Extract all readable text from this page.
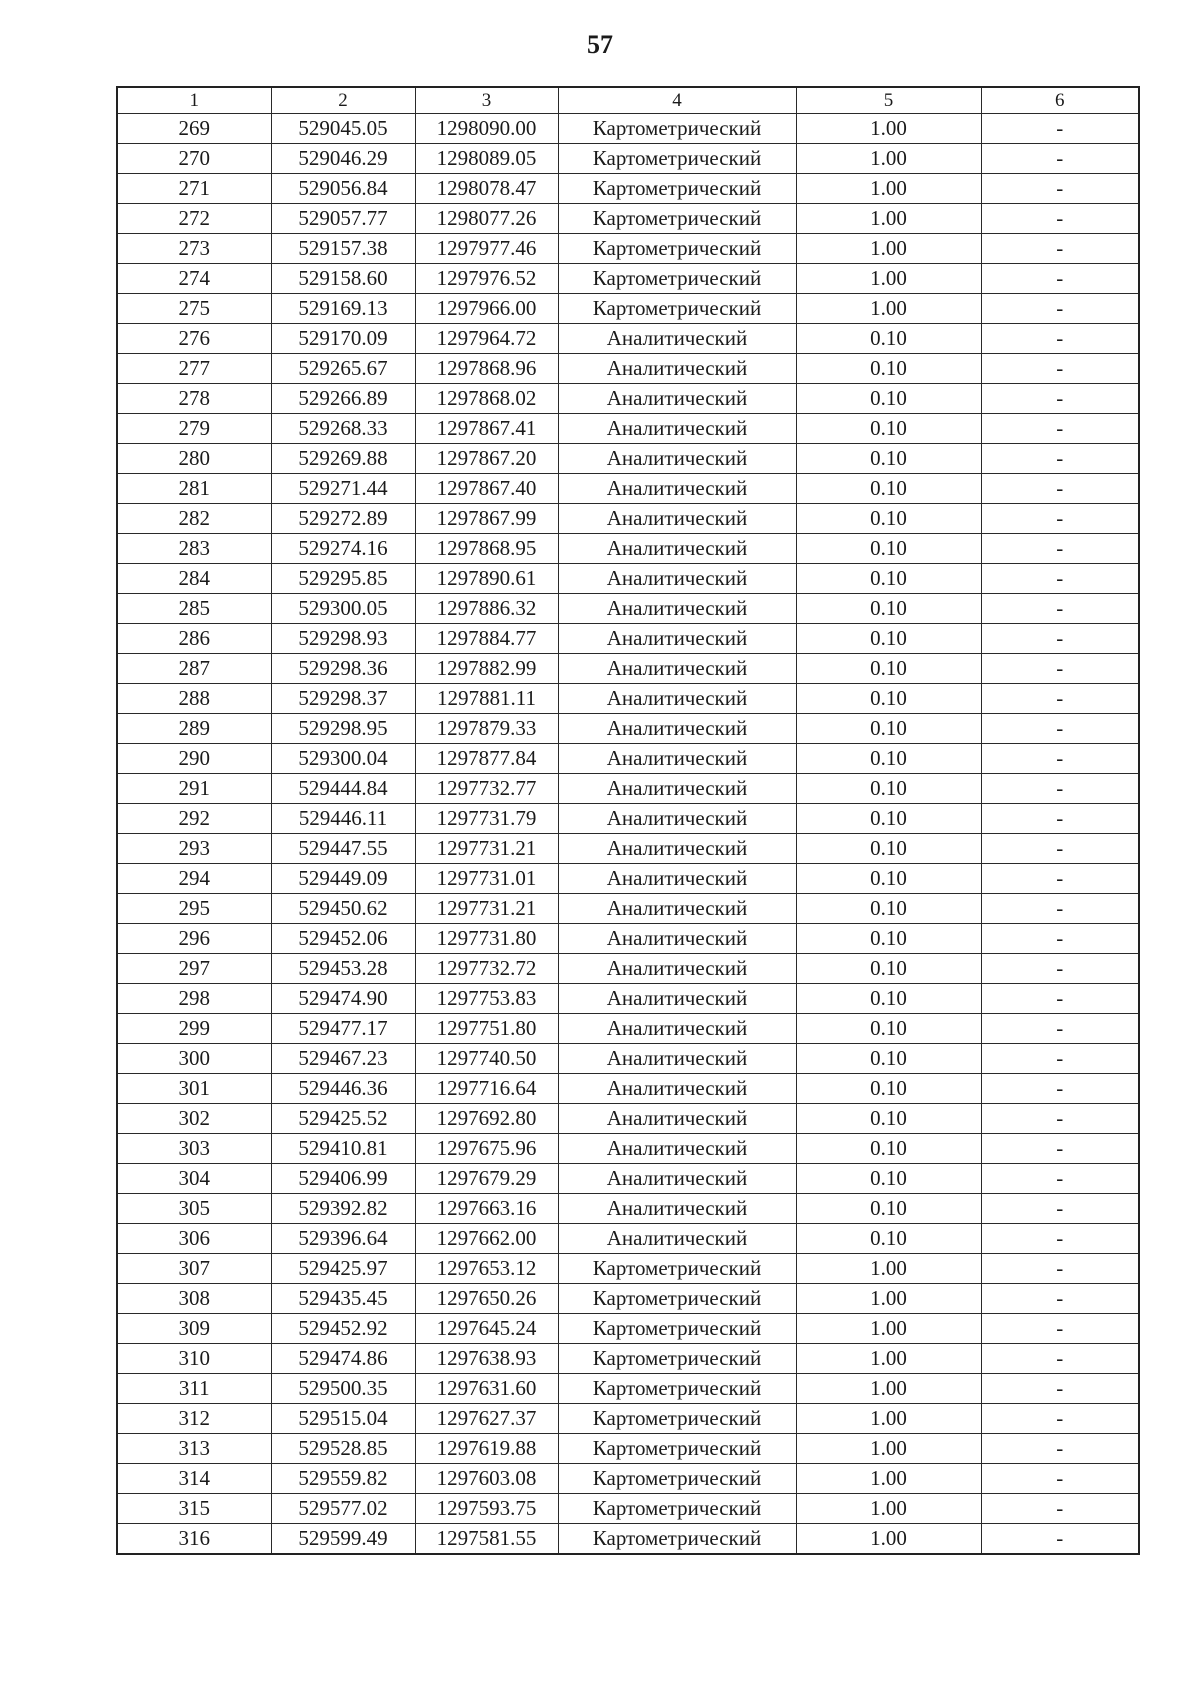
57
1	2	3	4	5	6
269	529045.05	1298090.00	Картометрический	1.00	-
270	529046.29	1298089.05	Картометрический	1.00	-
271	529056.84	1298078.47	Картометрический	1.00	-
272	529057.77	1298077.26	Картометрический	1.00	-
273	529157.38	1297977.46	Картометрический	1.00	-
274	529158.60	1297976.52	Картометрический	1.00	-
275	529169.13	1297966.00	Картометрический	1.00	-
276	529170.09	1297964.72	Аналитический	0.10	-
277	529265.67	1297868.96	Аналитический	0.10	-
278	529266.89	1297868.02	Аналитический	0.10	-
279	529268.33	1297867.41	Аналитический	0.10	-
280	529269.88	1297867.20	Аналитический	0.10	-
281	529271.44	1297867.40	Аналитический	0.10	-
282	529272.89	1297867.99	Аналитический	0.10	-
283	529274.16	1297868.95	Аналитический	0.10	-
284	529295.85	1297890.61	Аналитический	0.10	-
285	529300.05	1297886.32	Аналитический	0.10	-
286	529298.93	1297884.77	Аналитический	0.10	-
287	529298.36	1297882.99	Аналитический	0.10	-
288	529298.37	1297881.11	Аналитический	0.10	-
289	529298.95	1297879.33	Аналитический	0.10	-
290	529300.04	1297877.84	Аналитический	0.10	-
291	529444.84	1297732.77	Аналитический	0.10	-
292	529446.11	1297731.79	Аналитический	0.10	-
293	529447.55	1297731.21	Аналитический	0.10	-
294	529449.09	1297731.01	Аналитический	0.10	-
295	529450.62	1297731.21	Аналитический	0.10	-
296	529452.06	1297731.80	Аналитический	0.10	-
297	529453.28	1297732.72	Аналитический	0.10	-
298	529474.90	1297753.83	Аналитический	0.10	-
299	529477.17	1297751.80	Аналитический	0.10	-
300	529467.23	1297740.50	Аналитический	0.10	-
301	529446.36	1297716.64	Аналитический	0.10	-
302	529425.52	1297692.80	Аналитический	0.10	-
303	529410.81	1297675.96	Аналитический	0.10	-
304	529406.99	1297679.29	Аналитический	0.10	-
305	529392.82	1297663.16	Аналитический	0.10	-
306	529396.64	1297662.00	Аналитический	0.10	-
307	529425.97	1297653.12	Картометрический	1.00	-
308	529435.45	1297650.26	Картометрический	1.00	-
309	529452.92	1297645.24	Картометрический	1.00	-
310	529474.86	1297638.93	Картометрический	1.00	-
311	529500.35	1297631.60	Картометрический	1.00	-
312	529515.04	1297627.37	Картометрический	1.00	-
313	529528.85	1297619.88	Картометрический	1.00	-
314	529559.82	1297603.08	Картометрический	1.00	-
315	529577.02	1297593.75	Картометрический	1.00	-
316	529599.49	1297581.55	Картометрический	1.00	-
